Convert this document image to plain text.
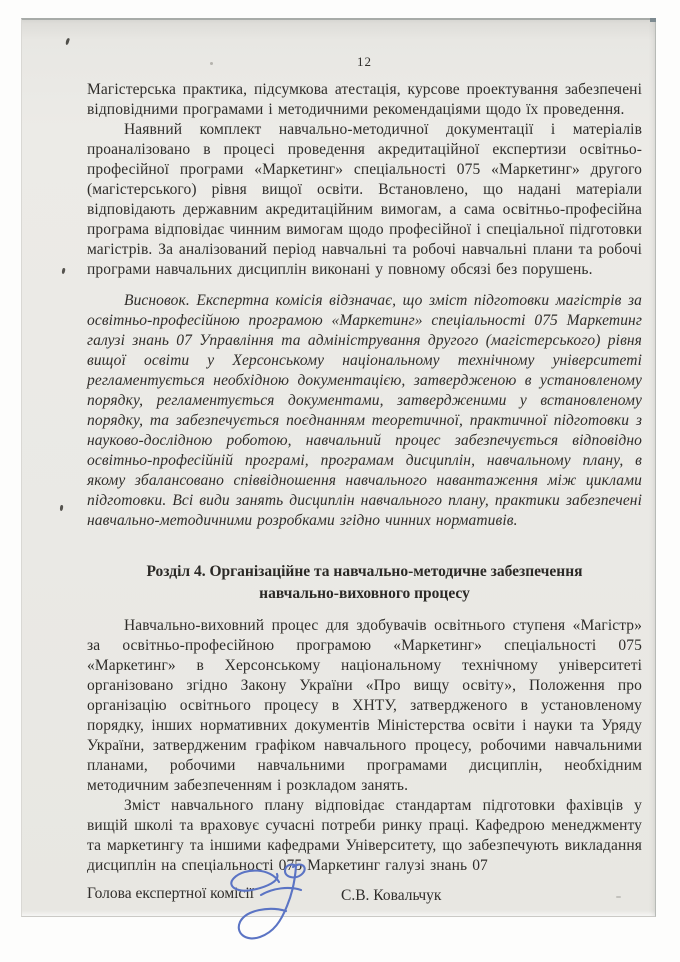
12

Магістерська практика, підсумкова атестація, курсове проектування забезпечені відповідними програмами і методичними рекомендаціями щодо їх проведення.

Наявний комплект навчально-методичної документації і матеріалів проаналізовано в процесі проведення акредитаційної експертизи освітньо-професійної програми «Маркетинг» спеціальності 075 «Маркетинг» другого (магістерського) рівня вищої освіти. Встановлено, що надані матеріали відповідають державним акредитаційним вимогам, а сама освітньо-професійна програма відповідає чинним вимогам щодо професійної і спеціальної підготовки магістрів. За аналізований період навчальні та робочі навчальні плани та робочі програми навчальних дисциплін виконані у повному обсязі без порушень.

Висновок. Експертна комісія відзначає, що зміст підготовки магістрів за освітньо-професійною програмою «Маркетинг» спеціальності 075 Маркетинг галузі знань 07 Управління та адміністрування другого (магістерського) рівня вищої освіти у Херсонському національному технічному університеті регламентується необхідною документацією, затвердженою в установленому порядку, регламентується документами, затвердженими у встановленому порядку, та забезпечується поєднанням теоретичної, практичної підготовки з науково-дослідною роботою, навчальний процес забезпечується відповідно освітньо-професійній програмі, програмам дисциплін, навчальному плану, в якому збалансовано співвідношення навчального навантаження між циклами підготовки. Всі види занять дисциплін навчального плану, практики забезпечені навчально-методичними розробками згідно чинних нормативів.

Розділ 4. Організаційне та навчально-методичне забезпечення навчально-виховного процесу

Навчально-виховний процес для здобувачів освітнього ступеня «Магістр» за освітньо-професійною програмою «Маркетинг» спеціальності 075 «Маркетинг» в Херсонському національному технічному університеті організовано згідно Закону України «Про вищу освіту», Положення про організацію освітнього процесу в ХНТУ, затвердженого в установленому порядку, інших нормативних документів Міністерства освіти і науки та Уряду України, затвердженим графіком навчального процесу, робочими навчальними планами, робочими навчальними програмами дисциплін, необхідним методичним забезпеченням і розкладом занять.

Зміст навчального плану відповідає стандартам підготовки фахівців у вищій школі та враховує сучасні потреби ринку праці. Кафедрою менеджменту та маркетингу та іншими кафедрами Університету, що забезпечують викладання дисциплін на спеціальності 075 Маркетинг галузі знань 07

Голова експертної комісії	С.В. Ковальчук
